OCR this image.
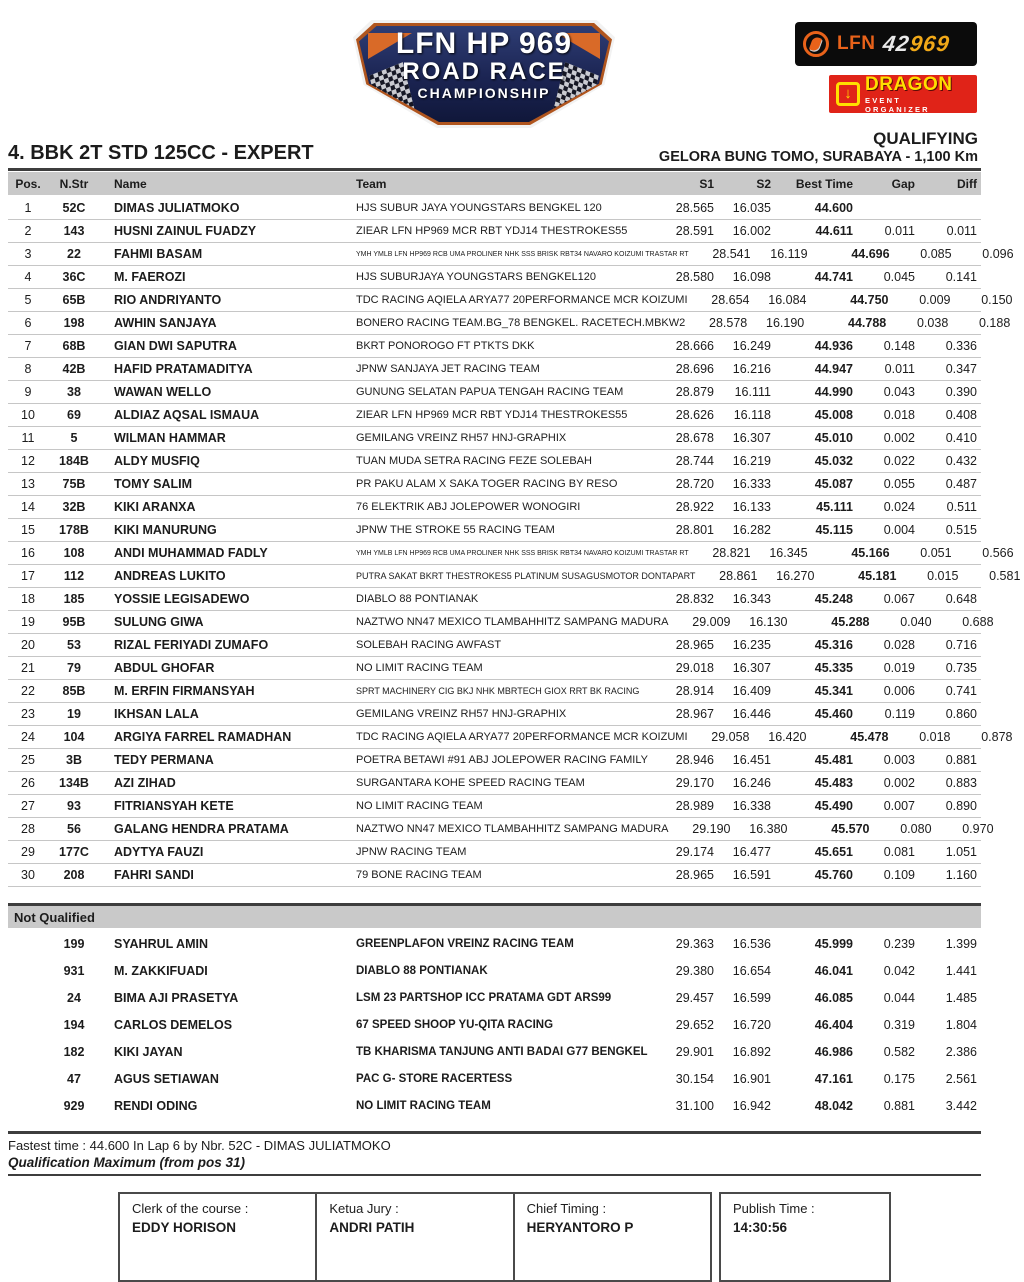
LFN HP 969
ROAD RACE
CHAMPIONSHIP
LFN 42
969
↓ DRAGON
EVENT ORGANIZER
4. BBK 2T STD 125CC - EXPERT
QUALIFYING
GELORA BUNG TOMO, SURABAYA - 1,100 Km
Pos.	N.Str	Name	Team	S1	S2	Best Time	Gap	Diff
1	52C	DIMAS JULIATMOKO	HJS SUBUR JAYA YOUNGSTARS BENGKEL 120	28.565	16.035	44.600
2	143	HUSNI ZAINUL FUADZY	ZIEAR LFN HP969 MCR RBT YDJ14 THESTROKES55	28.591	16.002	44.611	0.011	0.011
3	22	FAHMI BASAM	YMH YMLB LFN HP969 RCB UMA PROLINER NHK SSS BRISK RBT34 NAVARO KOIZUMI TRASTAR RT	28.541	16.119	44.696	0.085	0.096
4	36C	M. FAEROZI	HJS SUBURJAYA YOUNGSTARS BENGKEL120	28.580	16.098	44.741	0.045	0.141
5	65B	RIO ANDRIYANTO	TDC RACING AQIELA ARYA77 20PERFORMANCE MCR KOIZUMI	28.654	16.084	44.750	0.009	0.150
6	198	AWHIN SANJAYA	BONERO RACING TEAM.BG_78 BENGKEL. RACETECH.MBKW2	28.578	16.190	44.788	0.038	0.188
7	68B	GIAN DWI SAPUTRA	BKRT PONOROGO FT PTKTS DKK	28.666	16.249	44.936	0.148	0.336
8	42B	HAFID PRATAMADITYA	JPNW SANJAYA JET RACING TEAM	28.696	16.216	44.947	0.011	0.347
9	38	WAWAN WELLO	GUNUNG SELATAN PAPUA TENGAH RACING TEAM	28.879	16.111	44.990	0.043	0.390
10	69	ALDIAZ AQSAL ISMAUA	ZIEAR LFN HP969 MCR RBT YDJ14 THESTROKES55	28.626	16.118	45.008	0.018	0.408
11	5	WILMAN HAMMAR	GEMILANG VREINZ RH57 HNJ-GRAPHIX	28.678	16.307	45.010	0.002	0.410
12	184B	ALDY MUSFIQ	TUAN MUDA SETRA RACING FEZE SOLEBAH	28.744	16.219	45.032	0.022	0.432
13	75B	TOMY SALIM	PR PAKU ALAM X SAKA TOGER RACING BY RESO	28.720	16.333	45.087	0.055	0.487
14	32B	KIKI ARANXA	76 ELEKTRIK ABJ JOLEPOWER WONOGIRI	28.922	16.133	45.111	0.024	0.511
15	178B	KIKI MANURUNG	JPNW THE STROKE 55 RACING TEAM	28.801	16.282	45.115	0.004	0.515
16	108	ANDI MUHAMMAD FADLY	YMH YMLB LFN HP969 RCB UMA PROLINER NHK SSS BRISK RBT34 NAVARO KOIZUMI TRASTAR RT	28.821	16.345	45.166	0.051	0.566
17	112	ANDREAS LUKITO	PUTRA SAKAT BKRT THESTROKES5 PLATINUM SUSAGUSMOTOR DONTAPART	28.861	16.270	45.181	0.015	0.581
18	185	YOSSIE LEGISADEWO	DIABLO 88 PONTIANAK	28.832	16.343	45.248	0.067	0.648
19	95B	SULUNG GIWA	NAZTWO NN47 MEXICO TLAMBAHHITZ SAMPANG MADURA	29.009	16.130	45.288	0.040	0.688
20	53	RIZAL FERIYADI ZUMAFO	SOLEBAH RACING AWFAST	28.965	16.235	45.316	0.028	0.716
21	79	ABDUL GHOFAR	NO LIMIT RACING TEAM	29.018	16.307	45.335	0.019	0.735
22	85B	M. ERFIN FIRMANSYAH	SPRT MACHINERY CIG BKJ NHK MBRTECH GIOX RRT BK RACING	28.914	16.409	45.341	0.006	0.741
23	19	IKHSAN LALA	GEMILANG VREINZ RH57 HNJ-GRAPHIX	28.967	16.446	45.460	0.119	0.860
24	104	ARGIYA FARREL RAMADHAN	TDC RACING AQIELA ARYA77 20PERFORMANCE MCR KOIZUMI	29.058	16.420	45.478	0.018	0.878
25	3B	TEDY PERMANA	POETRA BETAWI #91 ABJ JOLEPOWER RACING FAMILY	28.946	16.451	45.481	0.003	0.881
26	134B	AZI ZIHAD	SURGANTARA KOHE SPEED RACING TEAM	29.170	16.246	45.483	0.002	0.883
27	93	FITRIANSYAH KETE	NO LIMIT RACING TEAM	28.989	16.338	45.490	0.007	0.890
28	56	GALANG HENDRA PRATAMA	NAZTWO NN47 MEXICO TLAMBAHHITZ SAMPANG MADURA	29.190	16.380	45.570	0.080	0.970
29	177C	ADYTYA FAUZI	JPNW RACING TEAM	29.174	16.477	45.651	0.081	1.051
30	208	FAHRI SANDI	79 BONE RACING TEAM	28.965	16.591	45.760	0.109	1.160
Not Qualified
199	SYAHRUL AMIN	GREENPLAFON VREINZ RACING TEAM	29.363	16.536	45.999	0.239	1.399
931	M. ZAKKIFUADI	DIABLO 88 PONTIANAK	29.380	16.654	46.041	0.042	1.441
24	BIMA AJI PRASETYA	LSM 23 PARTSHOP ICC PRATAMA GDT ARS99	29.457	16.599	46.085	0.044	1.485
194	CARLOS DEMELOS	67 SPEED SHOOP YU-QITA RACING	29.652	16.720	46.404	0.319	1.804
182	KIKI JAYAN	TB KHARISMA TANJUNG ANTI BADAI G77 BENGKEL	29.901	16.892	46.986	0.582	2.386
47	AGUS SETIAWAN	PAC G- STORE RACERTESS	30.154	16.901	47.161	0.175	2.561
929	RENDI ODING	NO LIMIT RACING TEAM	31.100	16.942	48.042	0.881	3.442
Fastest time : 44.600 In Lap 6 by Nbr. 52C - DIMAS JULIATMOKO
Qualification Maximum (from pos 31)
Clerk of the course :
EDDY HORISON
Ketua Jury :
ANDRI PATIH
Chief Timing :
HERYANTORO P
Publish Time :
14:30:56
